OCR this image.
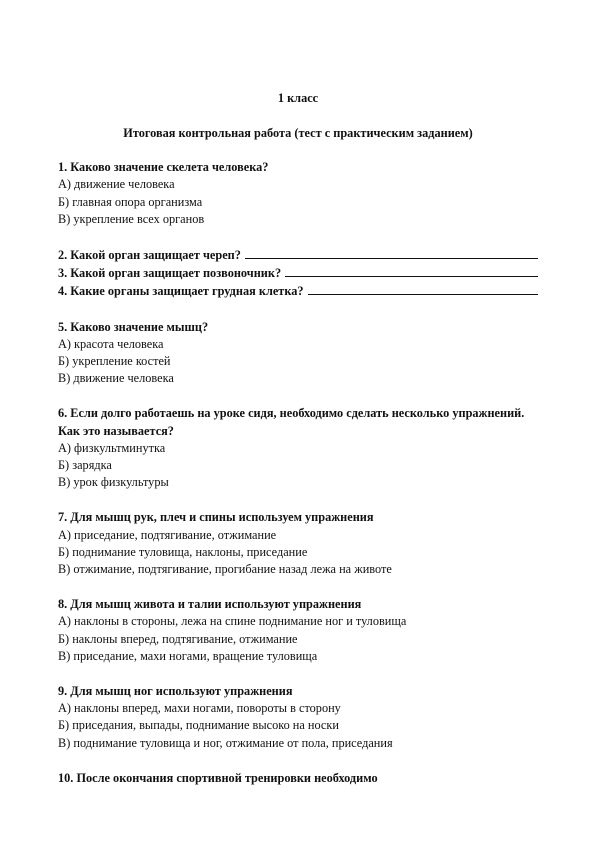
1 класс

Итоговая контрольная работа (тест с практическим заданием)

1. Каково значение скелета человека?

А) движение человека

Б) главная опора организма

В) укрепление всех органов

2. Какой орган защищает череп?
3. Какой орган защищает позвоночник?
4. Какие органы защищает грудная клетка?

5. Каково значение мышц?

А) красота человека

Б) укрепление костей

В) движение человека

6. Если долго работаешь на уроке сидя, необходимо сделать несколько упражнений. Как это называется?

А) физкультминутка

Б) зарядка

В) урок физкультуры

7. Для мышц рук, плеч и спины используем упражнения

А) приседание, подтягивание, отжимание

Б) поднимание туловища, наклоны, приседание

В) отжимание, подтягивание, прогибание назад лежа на животе

8. Для мышц живота и талии используют упражнения

А) наклоны в стороны, лежа на спине поднимание ног и туловища

Б) наклоны вперед, подтягивание, отжимание

В) приседание, махи ногами, вращение туловища

9. Для мышц ног используют упражнения

А) наклоны вперед, махи ногами, повороты в сторону

Б) приседания, выпады, поднимание высоко на носки

В) поднимание туловища и ног, отжимание от пола, приседания

10. После окончания спортивной тренировки необходимо
